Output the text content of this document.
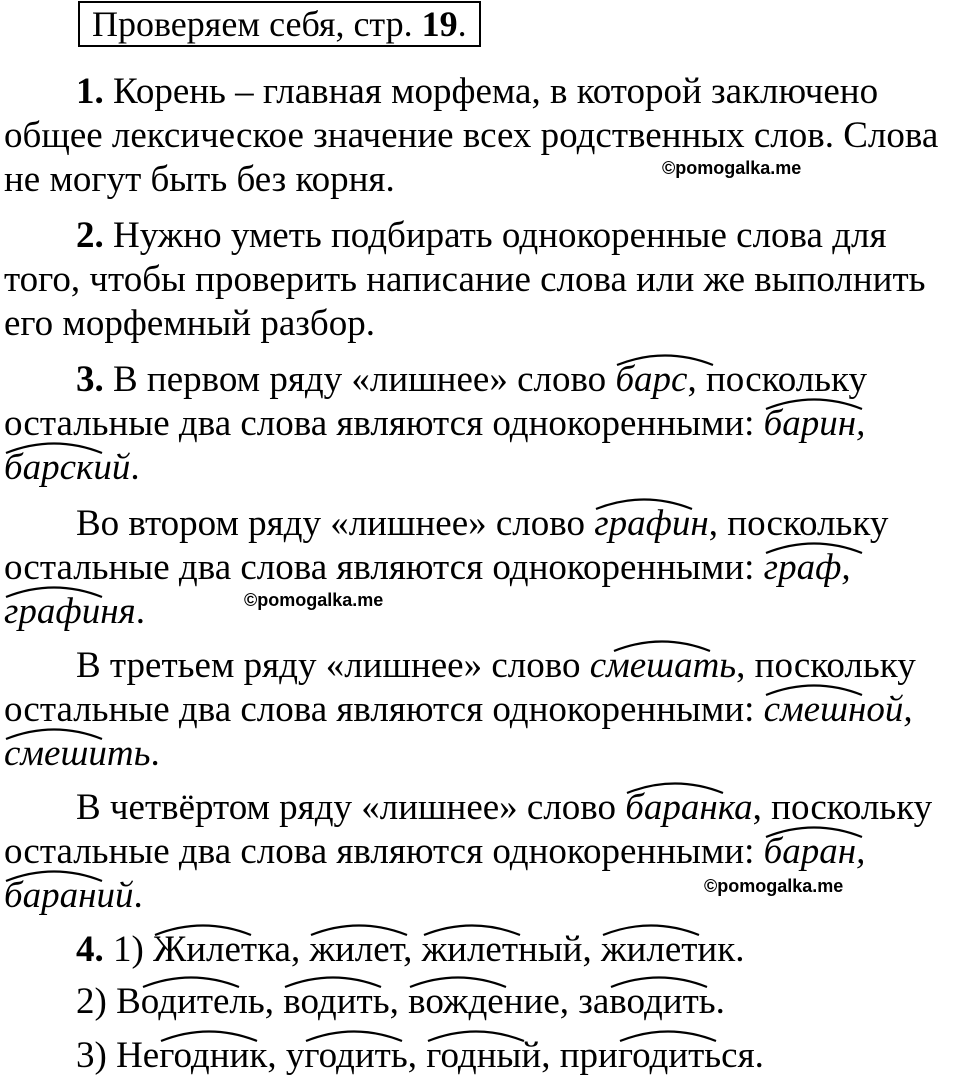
Проверяем себя, стр. 19.
1. Корень – главная морфема, в которой заключено
общее лексическое значение всех родственных слов. Слова
не могут быть без корня.	©pomogalka.me
2. Нужно уметь подбирать однокоренные слова для
того, чтобы проверить написание слова или же выполнить
его морфемный разбор.
3. В первом ряду «лишнее» слово
барс, поскольку
остальные два слова являются однокоренными:
барин,
барский.
Во втором ряду «лишнее» слово
графин, поскольку
остальные два слова являются однокоренными:
граф,
графиня.	©pomogalka.me
В третьем ряду «лишнее» слово
смешать, поскольку
остальные два слова являются однокоренными:
смешной,
смешить.
В четвёртом ряду «лишнее» слово
баранка, поскольку
остальные два слова являются однокоренными:
баран,
бараний.	©pomogalka.me
4. 1)
Жилетка,
жилет,
жилетный,
жилетик.
2) В
одитель,
водить,
вождение, за
водить.
3) Не
годник, у
годить,
годный, при
годиться.
